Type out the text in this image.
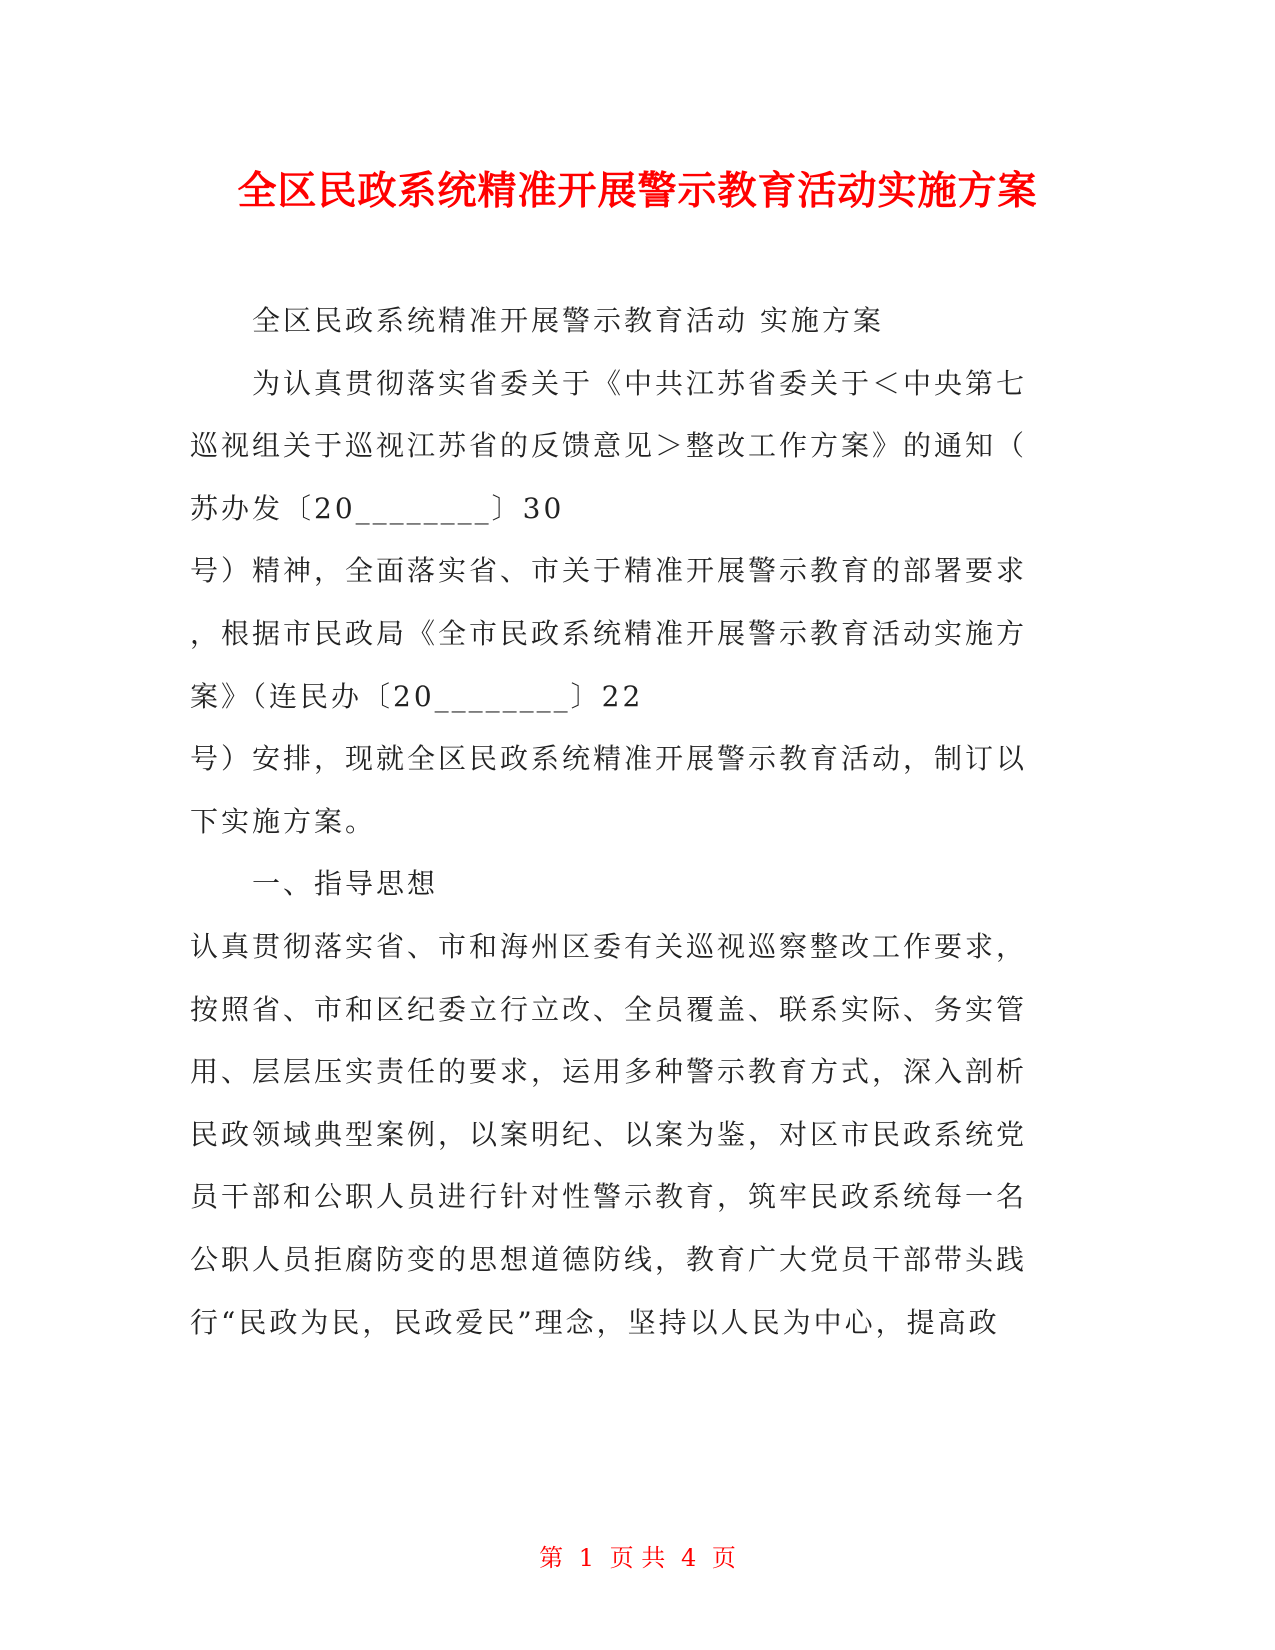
全区民政系统精准开展警示教育活动实施方案
全区民政系统精准开展警示教育活动 实施方案
为认真贯彻落实省委关于《中共江苏省委关于＜中央第七
巡视组关于巡视江苏省的反馈意见＞整改工作方案》的通知（
苏办发〔20________〕30
号）精神，全面落实省、市关于精准开展警示教育的部署要求
，根据市民政局《全市民政系统精准开展警示教育活动实施方
案》（连民办〔20________〕22
号）安排，现就全区民政系统精准开展警示教育活动，制订以
下实施方案。
一、指导思想
认真贯彻落实省、市和海州区委有关巡视巡察整改工作要求，
按照省、市和区纪委立行立改、全员覆盖、联系实际、务实管
用、层层压实责任的要求，运用多种警示教育方式，深入剖析
民政领域典型案例，以案明纪、以案为鉴，对区市民政系统党
员干部和公职人员进行针对性警示教育，筑牢民政系统每一名
公职人员拒腐防变的思想道德防线，教育广大党员干部带头践
行“民政为民，民政爱民”理念，坚持以人民为中心，提高政
第 1 页 共 4 页
